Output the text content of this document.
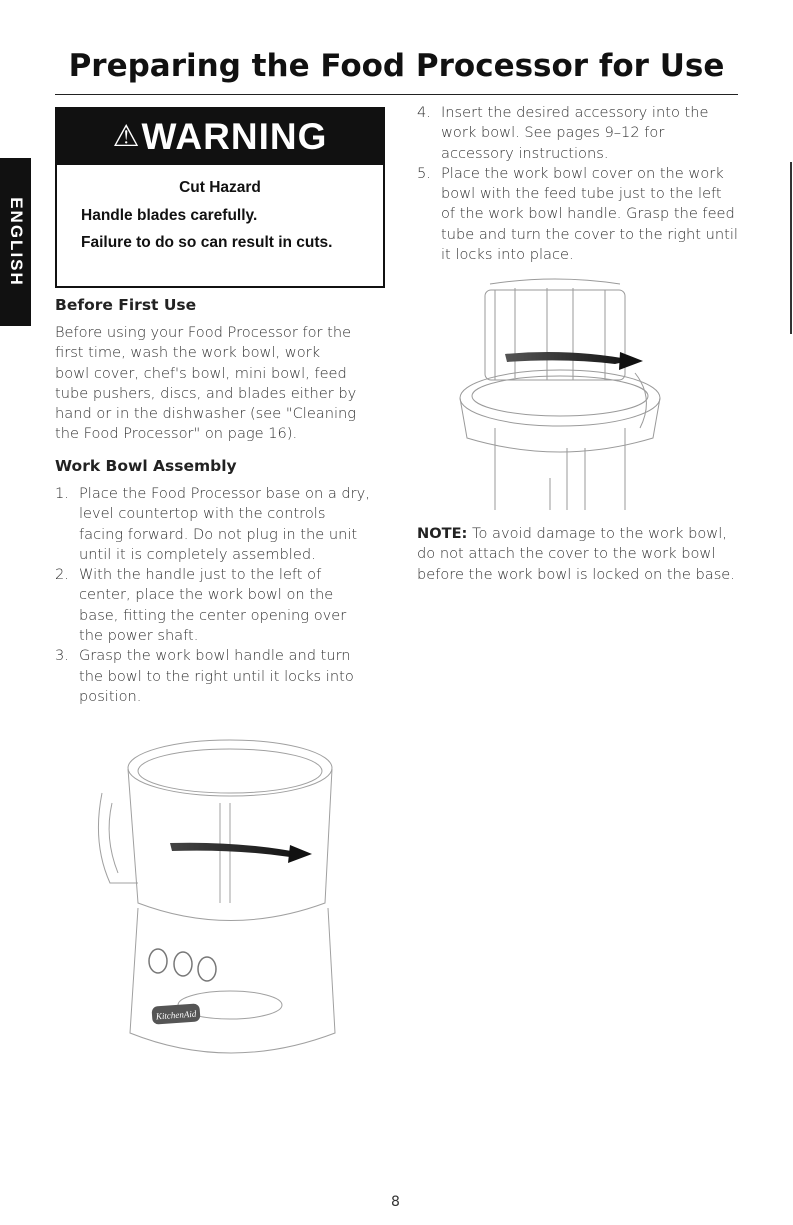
Preparing the Food Processor for Use
ENGLISH
⚠ WARNING
Cut Hazard
Handle blades carefully.
Failure to do so can result in cuts.
Before First Use
Before using your Food Processor for the
first time, wash the work bowl, work
bowl cover, chef's bowl, mini bowl, feed
tube pushers, discs, and blades either by
hand or in the dishwasher (see "Cleaning
the Food Processor" on page 16).
Work Bowl Assembly
1. Place the Food Processor base on a dry, level countertop with the controls facing forward. Do not plug in the unit until it is completely assembled.
2. With the handle just to the left of center, place the work bowl on the base, fitting the center opening over the power shaft.
3. Grasp the work bowl handle and turn the bowl to the right until it locks into position.
4. Insert the desired accessory into the work bowl. See pages 9–12 for accessory instructions.
5. Place the work bowl cover on the work bowl with the feed tube just to the left of the work bowl handle. Grasp the feed tube and turn the cover to the right until it locks into place.
NOTE: To avoid damage to the work bowl, do not attach the cover to the work bowl before the work bowl is locked on the base.
KitchenAid
8
